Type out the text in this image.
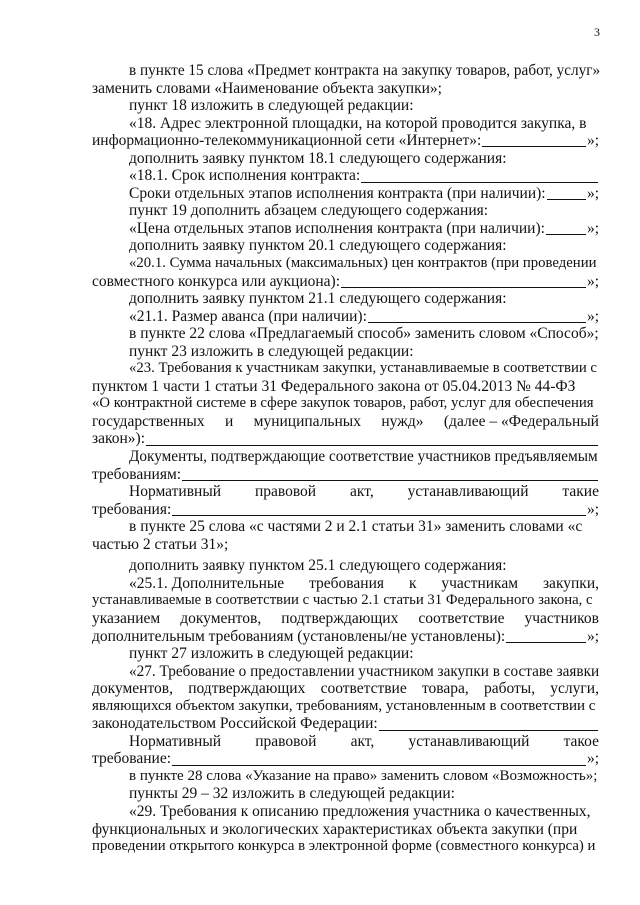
3
в пункте 15 слова «Предмет контракта на закупку товаров, работ, услуг»
заменить словами «Наименование объекта закупки»;
пункт 18 изложить в следующей редакции:
«18. Адрес электронной площадки, на которой проводится закупка, в
информационно-телекоммуникационной сети «Интернет»:	»;
дополнить заявку пунктом 18.1 следующего содержания:
«18.1. Срок исполнения контракта:
Сроки отдельных этапов исполнения контракта (при наличии):	»;
пункт 19 дополнить абзацем следующего содержания:
«Цена отдельных этапов исполнения контракта (при наличии):	»;
дополнить заявку пунктом 20.1 следующего содержания:
«20.1. Сумма начальных (максимальных) цен контрактов (при проведении
совместного конкурса или аукциона):	»;
дополнить заявку пунктом 21.1 следующего содержания:
«21.1. Размер аванса (при наличии):	»;
в пункте 22 слова «Предлагаемый способ» заменить словом «Способ»;
пункт 23 изложить в следующей редакции:
«23. Требования к участникам закупки, устанавливаемые в соответствии с
пунктом 1 части 1 статьи 31 Федерального закона от 05.04.2013 № 44-ФЗ
«О контрактной системе в сфере закупок товаров, работ, услуг для обеспечения
государственных и муниципальных нужд» (далее – «Федеральный
закон»):
Документы, подтверждающие соответствие участников предъявляемым
требованиям:
Нормативный правовой акт, устанавливающий такие
требования:	»;
в пункте 25 слова «с частями 2 и 2.1 статьи 31» заменить словами «с
частью 2 статьи 31»;
дополнить заявку пунктом 25.1 следующего содержания:
«25.1. Дополнительные требования к участникам закупки,
устанавливаемые в соответствии с частью 2.1 статьи 31 Федерального закона, с
указанием документов, подтверждающих соответствие участников
дополнительным требованиям (установлены/не установлены):	»;
пункт 27 изложить в следующей редакции:
«27. Требование о предоставлении участником закупки в составе заявки
документов, подтверждающих соответствие товара, работы, услуги,
являющихся объектом закупки, требованиям, установленным в соответствии с
законодательством Российской Федерации:
Нормативный правовой акт, устанавливающий такое
требование:	»;
в пункте 28 слова «Указание на право» заменить словом «Возможность»;
пункты 29 – 32 изложить в следующей редакции:
«29. Требования к описанию предложения участника о качественных,
функциональных и экологических характеристиках объекта закупки (при
проведении открытого конкурса в электронной форме (совместного конкурса) и
